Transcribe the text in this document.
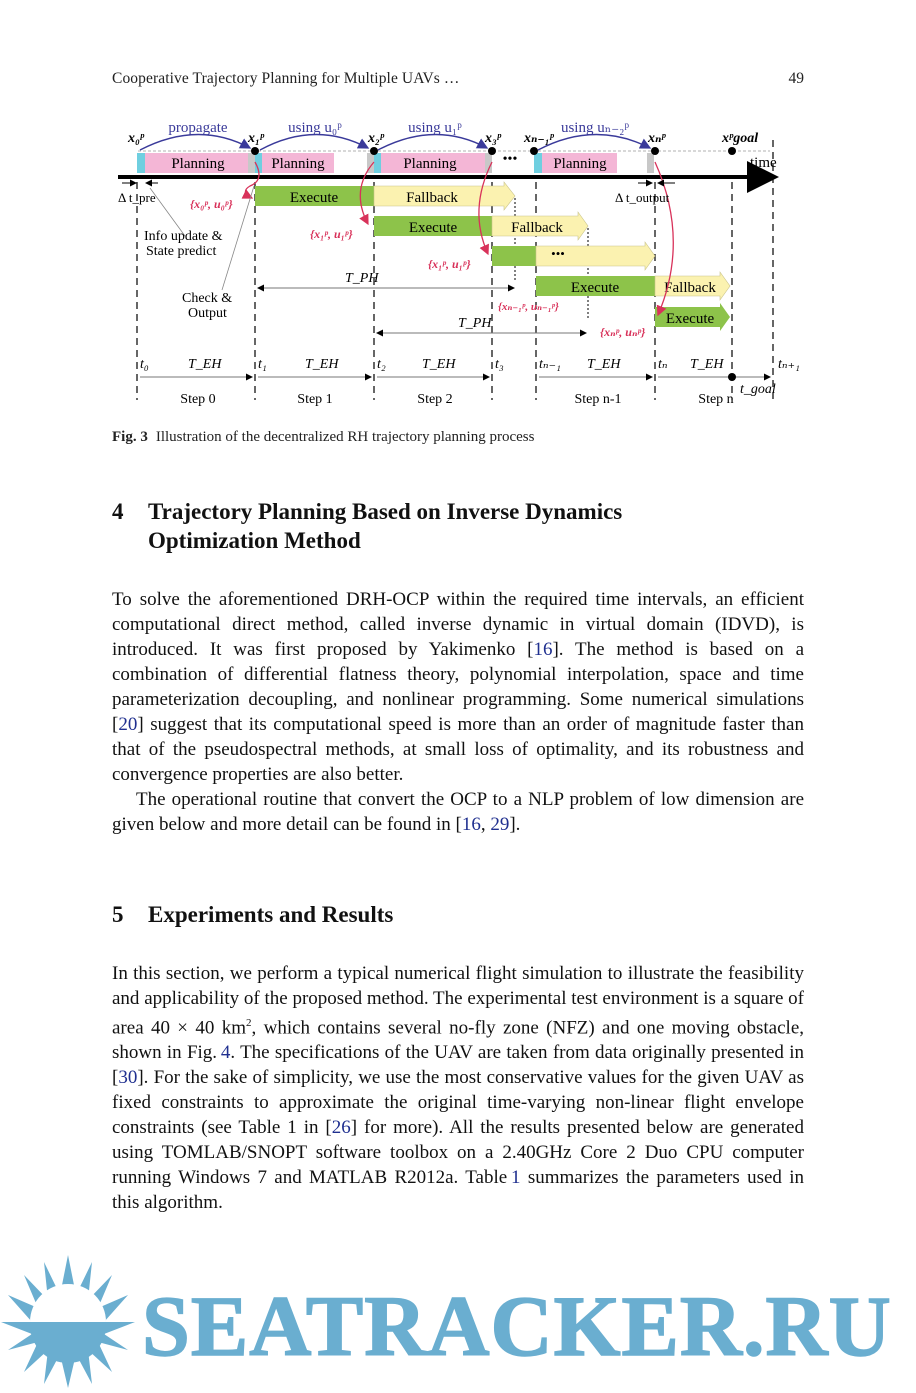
Cooperative Trajectory Planning for Multiple UAVs …	49
Planning	Planning	Planning	Planning
•••	time
x₀ᵖ	x₁ᵖ	x₂ᵖ	x₃ᵖ xₙ₋₁ᵖ	xₙᵖ	xᵖgoal
propagate	using u₀ᵖ	using u₁ᵖ	using uₙ₋₂ᵖ
Execute	Fallback
Execute	Fallback
•••
Execute	Fallback
Execute
{x₀ᵖ, u₀ᵖ}
{x₁ᵖ, u₁ᵖ}
{x₁ᵖ, u₁ᵖ}
{xₙ₋₁ᵖ, uₙ₋₁ᵖ}
{xₙᵖ, uₙᵖ}
Δ t_pre	Δ t_output
Info update &
State predict
Check &
Output
T_PH
T_PH
t₀	t₁	t₂	t₃	tₙ₋₁	tₙ	tₙ₊₁
t_goal
T_EH	T_EH	T_EH	T_EH	T_EH
Step 0	Step 1	Step 2	Step n-1	Step n
Fig. 3 Illustration of the decentralized RH trajectory planning process
4 Trajectory Planning Based on Inverse Dynamics
Optimization Method

To solve the aforementioned DRH-OCP within the required time intervals, an efficient computational direct method, called inverse dynamic in virtual domain (IDVD), is introduced. It was first proposed by Yakimenko [16]. The method is based on a combination of differential flatness theory, polynomial interpolation, space and time parameterization decoupling, and nonlinear programming. Some numerical simulations [20] suggest that its computational speed is more than an order of magnitude faster than that of the pseudospectral methods, at small loss of optimality, and its robustness and convergence properties are also better.

The operational routine that convert the OCP to a NLP problem of low dimension are given below and more detail can be found in [16, 29].

5 Experiments and Results

In this section, we perform a typical numerical flight simulation to illustrate the feasibility and applicability of the proposed method. The experimental test environment is a square of area 40 × 40 $km^2$, which contains several no-fly zone (NFZ) and one moving obstacle, shown in Fig. 4. The specifications of the UAV are taken from data originally presented in [30]. For the sake of simplicity, we use the most conservative values for the given UAV as fixed constraints to approximate the original time-varying non-linear flight envelope constraints (see Table 1 in [26] for more). All the results presented below are generated using TOMLAB/SNOPT software toolbox on a 2.40GHz Core 2 Duo CPU computer running Windows 7 and MATLAB R2012a. Table 1 summarizes the parameters used in this algorithm.

SEATRACKER.RU
